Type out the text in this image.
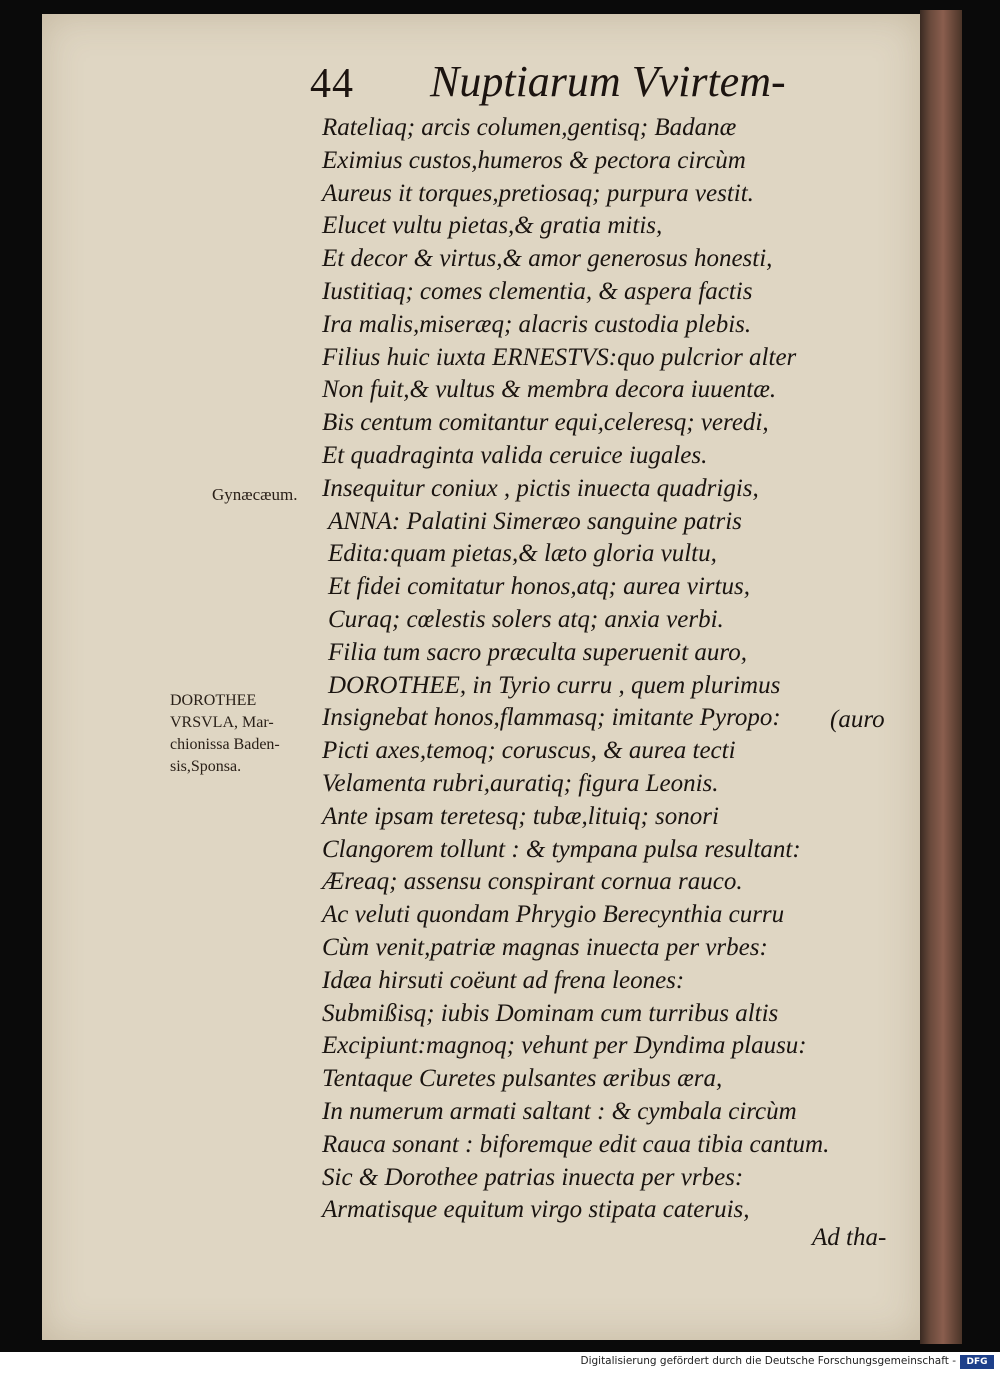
44 Nuptiarum Vvirtem-
Rateliaq; arcis columen,gentisq; Badanæ
Eximius custos,humeros & pectora circùm
Aureus it torques,pretiosaq; purpura vestit.
Elucet vultu pietas,& gratia mitis,
Et decor & virtus,& amor generosus honesti,
Iustitiaq; comes clementia, & aspera factis
Ira malis,miseræq; alacris custodia plebis.
Filius huic iuxta ERNESTVS:quo pulcrior alter
Non fuit,& vultus & membra decora iuuentæ.
Bis centum comitantur equi,celeresq; veredi,
Et quadraginta valida ceruice iugales.
Insequitur coniux , pictis inuecta quadrigis,
ANNA: Palatini Simeræo sanguine patris
Edita:quam pietas,& læto gloria vultu,
Et fidei comitatur honos,atq; aurea virtus,
Curaq; cœlestis solers atq; anxia verbi.
Filia tum sacro præculta superuenit auro,
DOROTHEE, in Tyrio curru , quem plurimus
Insignebat honos,flammasq; imitante Pyropo:
Picti axes,temoq; coruscus, & aurea tecti
Velamenta rubri,auratiq; figura Leonis.
Ante ipsam teretesq; tubæ,lituiq; sonori
Clangorem tollunt : & tympana pulsa resultant:
Æreaq; assensu conspirant cornua rauco.
Ac veluti quondam Phrygio Berecynthia curru
Cùm venit,patriæ magnas inuecta per vrbes:
Idæa hirsuti coëunt ad frena leones:
Submißisq; iubis Dominam cum turribus altis
Excipiunt:magnoq; vehunt per Dyndima plausu:
Tentaque Curetes pulsantes æribus æra,
In numerum armati saltant : & cymbala circùm
Rauca sonant : biforemque edit caua tibia cantum.
Sic & Dorothee patrias inuecta per vrbes:
Armatisque equitum virgo stipata cateruis,
(auro
Gynæcæum.
DOROTHEE
VRSVLA, Mar-
chionissa Baden-
sis,Sponsa.
Ad tha-
Digitalisierung gefördert durch die Deutsche Forschungsgemeinschaft -	DFG
